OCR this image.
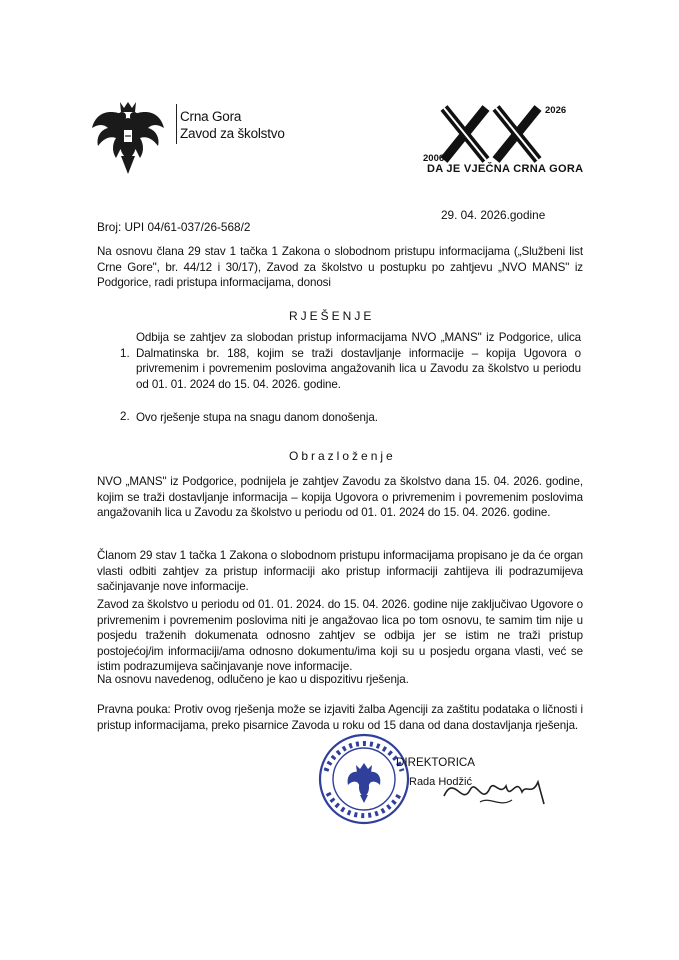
Crna Gora
Zavod za školstvo
2006
2026
DA JE VJEČNA CRNA GORA
29. 04. 2026.godine
Broj: UPI 04/61-037/26-568/2
Na osnovu člana 29 stav 1 tačka 1 Zakona o slobodnom pristupu informacijama („Službeni list Crne Gore", br. 44/12 i 30/17), Zavod za školstvo u postupku po zahtjevu „NVO MANS" iz Podgorice, radi pristupa informacijama, donosi
RJEŠENJE
1.
Odbija se zahtjev za slobodan pristup informacijama NVO „MANS" iz Podgorice, ulica Dalmatinska br. 188, kojim se traži dostavljanje informacije – kopija Ugovora o privremenim i povremenim poslovima angažovanih lica u Zavodu za školstvo u periodu od 01. 01. 2024 do 15. 04. 2026. godine.
2. Ovo rješenje stupa na snagu danom donošenja.
Obrazloženje
NVO „MANS" iz Podgorice, podnijela je zahtjev Zavodu za školstvo dana 15. 04. 2026. godine, kojim se traži dostavljanje informacija – kopija Ugovora o privremenim i povremenim poslovima angažovanih lica u Zavodu za školstvo u periodu od 01. 01. 2024 do 15. 04. 2026. godine.
Članom 29 stav 1 tačka 1 Zakona o slobodnom pristupu informacijama propisano je da će organ vlasti odbiti zahtjev za pristup informaciji ako pristup informaciji zahtijeva ili podrazumijeva sačinjavanje nove informacije.
Zavod za školstvo u periodu od 01. 01. 2024. do 15. 04. 2026. godine nije zaključivao Ugovore o privremenim i povremenim poslovima niti je angažovao lica po tom osnovu, te samim tim nije u posjedu traženih dokumenata odnosno zahtjev se odbija jer se istim ne traži pristup postojećoj/im informaciji/ama odnosno dokumentu/ima koji su u posjedu organa vlasti, već se istim podrazumijeva sačinjavanje nove informacije.
Na osnovu navedenog, odlučeno je kao u dispozitivu rješenja.
Pravna pouka: Protiv ovog rješenja može se izjaviti žalba Agenciji za zaštitu podataka o ličnosti i pristup informacijama, preko pisarnice Zavoda u roku od 15 dana od dana dostavljanja rješenja.
DIREKTORICA
Rada Hodžić
